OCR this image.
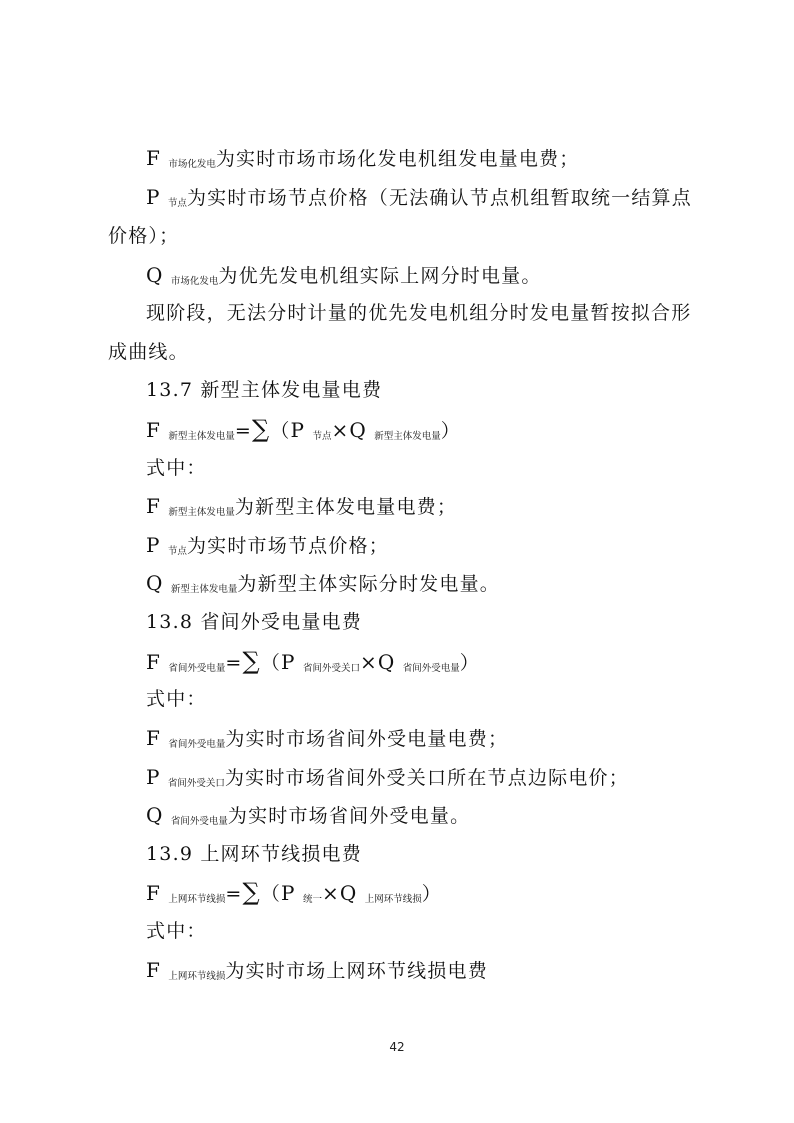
F $_{市场化发电}$为实时市场市场化发电机组发电量电费；
P $_{节点}$为实时市场节点价格（无法确认节点机组暂取统一结算点
价格）；
Q $_{市场化发电}$为优先发电机组实际上网分时电量。
现阶段，无法分时计量的优先发电机组分时发电量暂按拟合形
成曲线。
13.7 新型主体发电量电费
F $_{新型主体发电量}$=∑（P $_{节点}$×Q $_{新型主体发电量}$）
式中：
F $_{新型主体发电量}$为新型主体发电量电费；
P $_{节点}$为实时市场节点价格；
Q $_{新型主体发电量}$为新型主体实际分时发电量。
13.8 省间外受电量电费
F $_{省间外受电量}$=∑（P $_{省间外受关口}$×Q $_{省间外受电量}$）
式中：
F $_{省间外受电量}$为实时市场省间外受电量电费；
P $_{省间外受关口}$为实时市场省间外受关口所在节点边际电价；
Q $_{省间外受电量}$为实时市场省间外受电量。
13.9 上网环节线损电费
F $_{上网环节线损}$=∑（P $_{统一}$×Q $_{上网环节线损}$）
式中：
F $_{上网环节线损}$为实时市场上网环节线损电费
42
